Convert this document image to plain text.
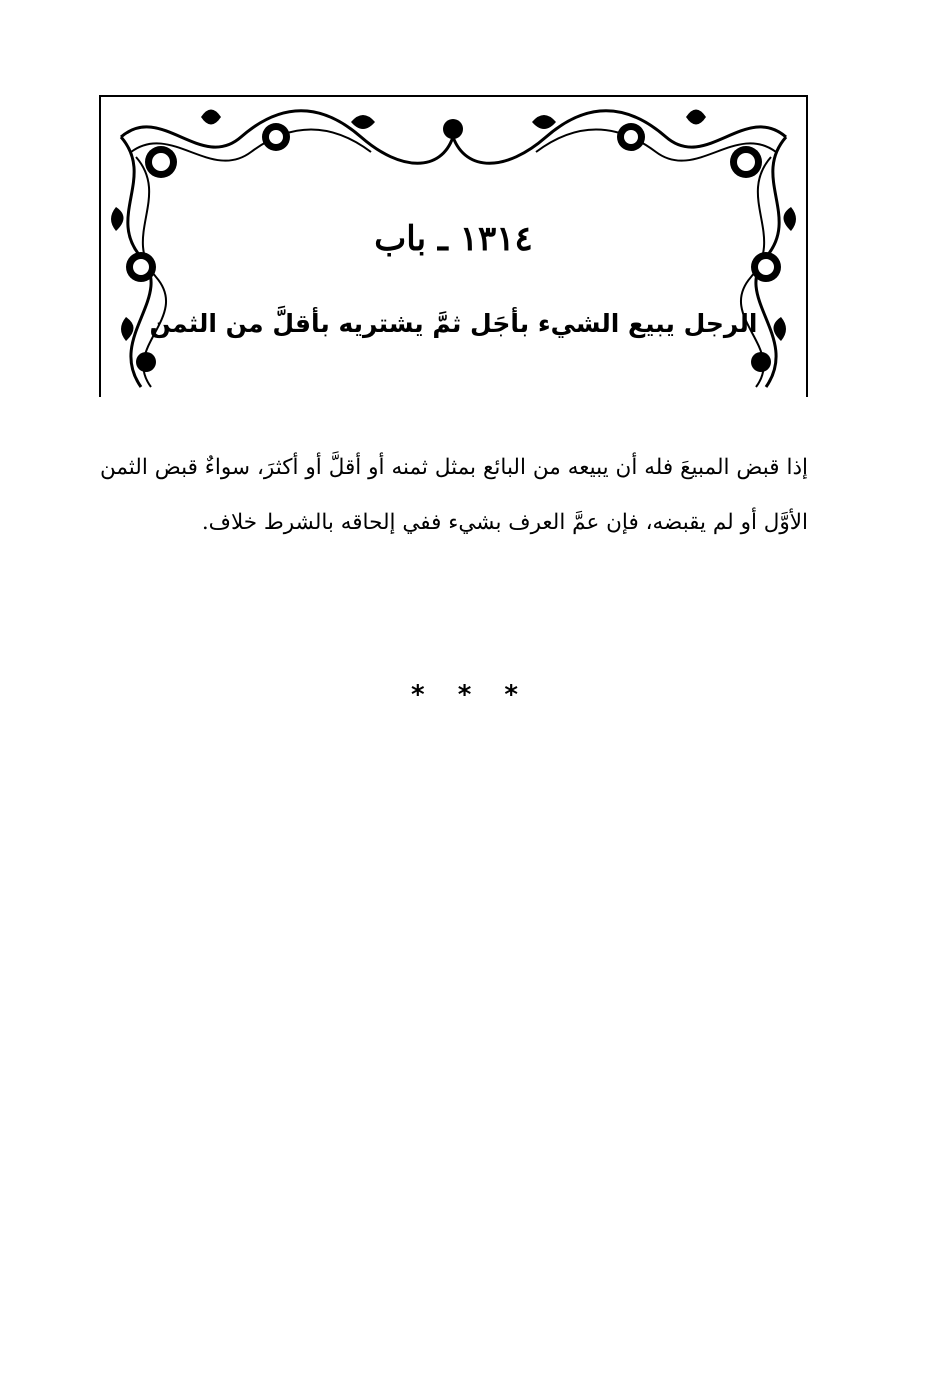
١٣١٤ ـ باب
الرجل يبيع الشيء بأجَل ثمَّ يشتريه بأقلَّ من الثمن

إذا قبض المبيعَ فله أن يبيعه من البائع بمثل ثمنه أو أقلَّ أو أكثرَ، سواءٌ قبض الثمن الأوَّل أو لم يقبضه، فإن عمَّ العرف بشيء ففي إلحاقه بالشرط خلاف.

* * *
